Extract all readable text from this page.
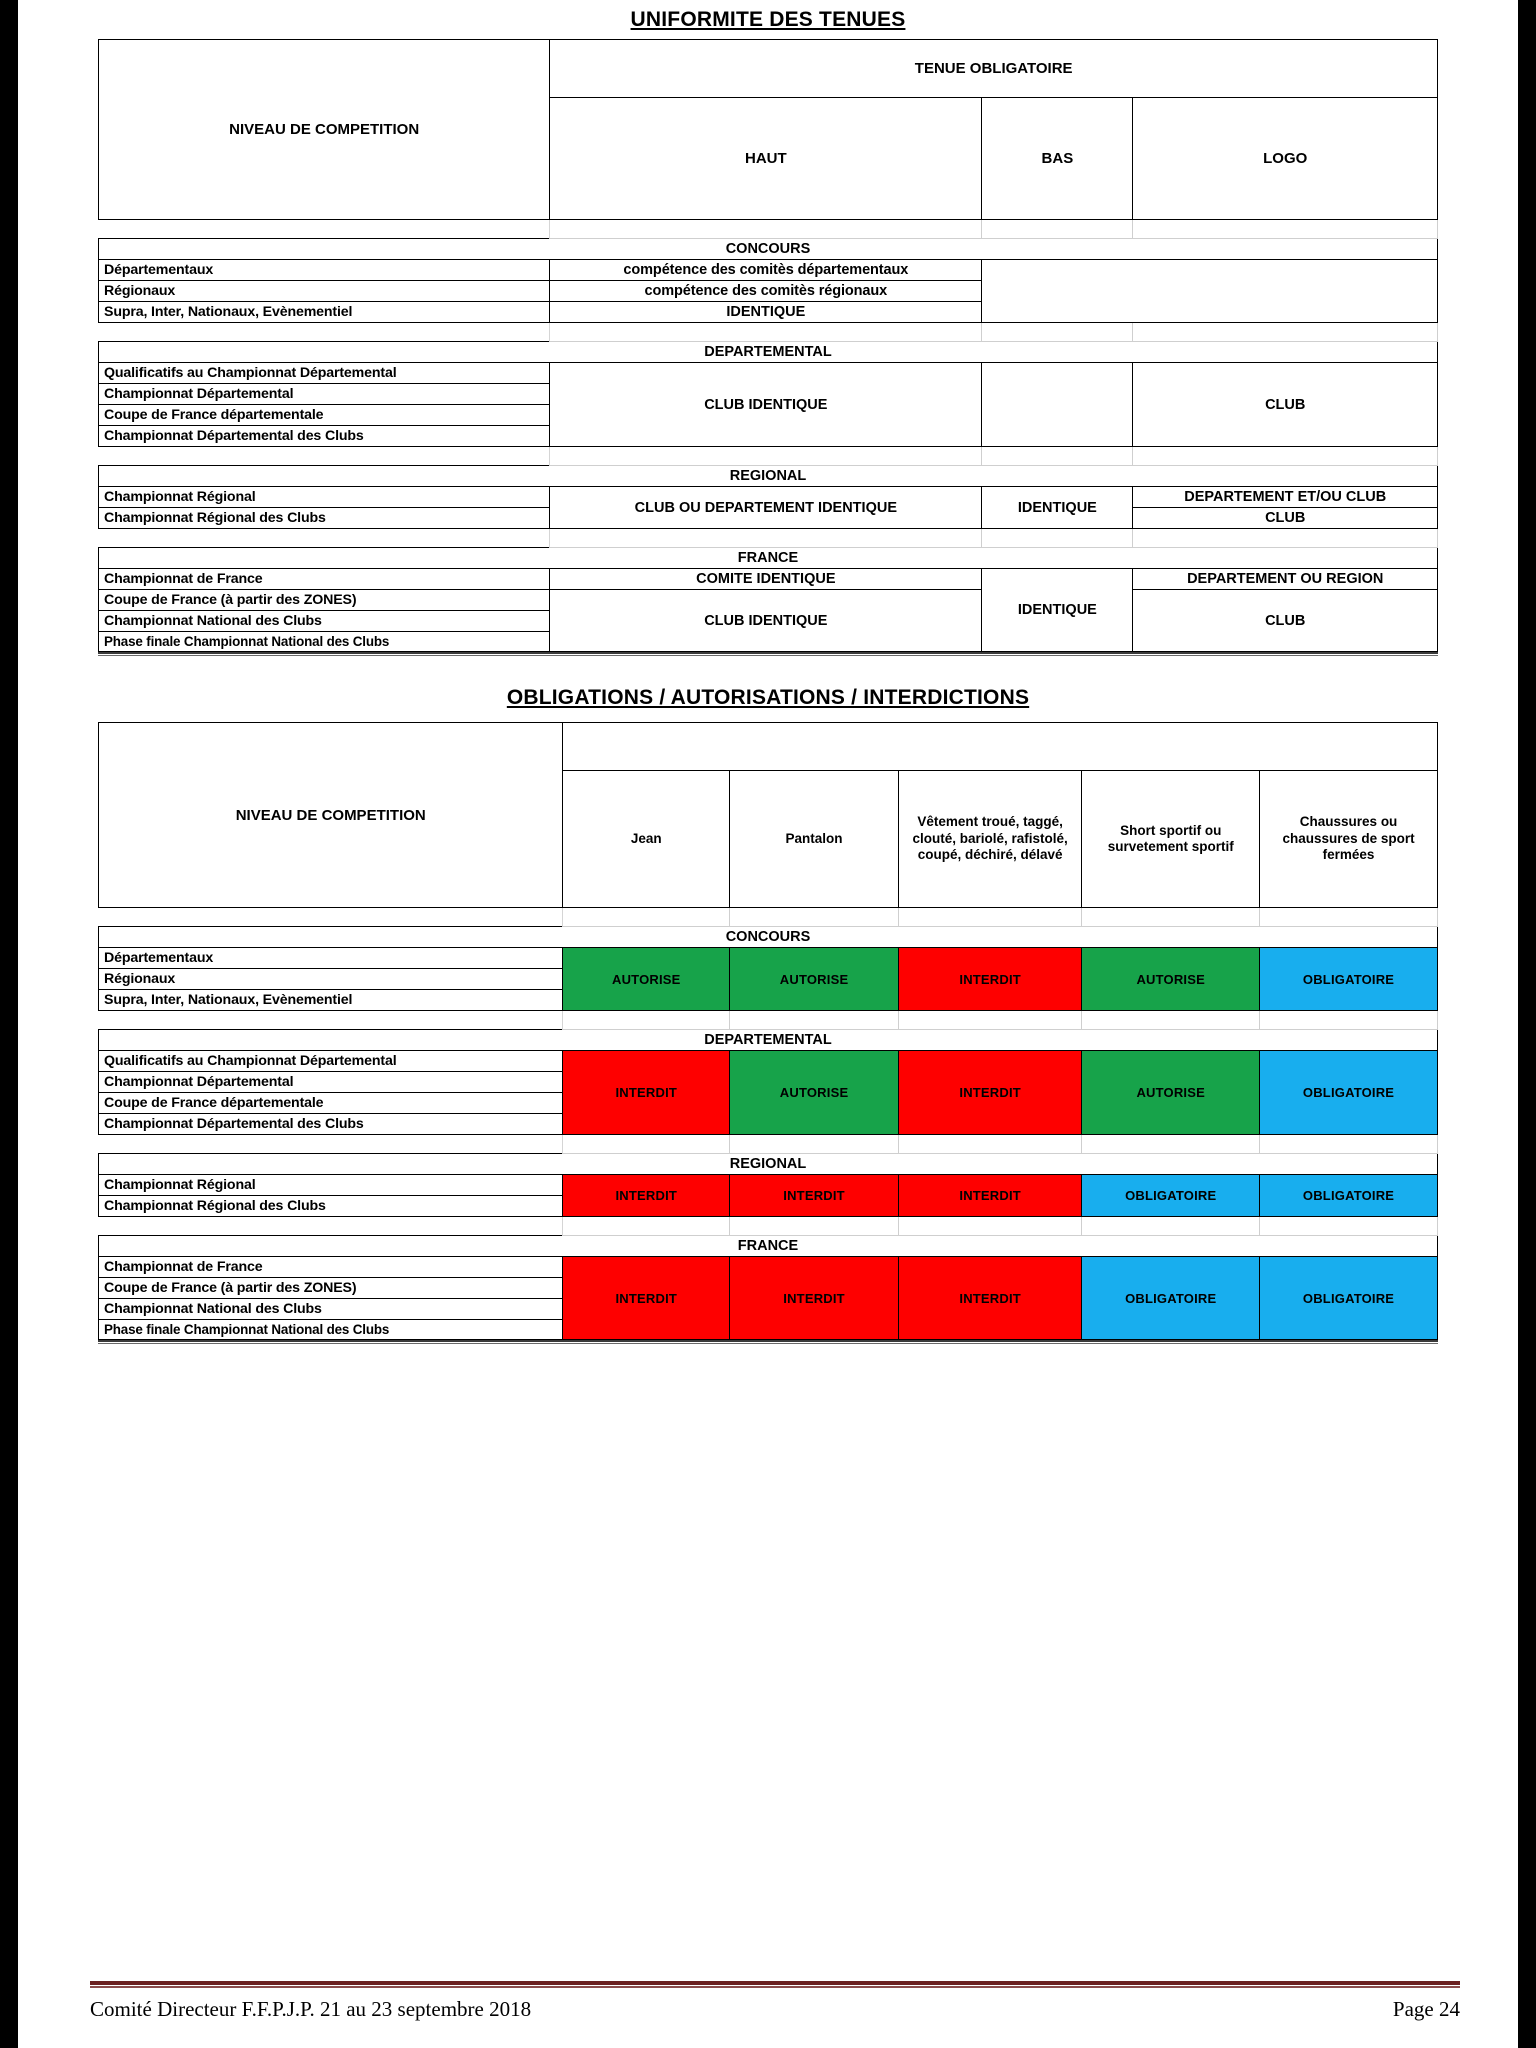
UNIFORMITE DES TENUES
NIVEAU DE COMPETITION	TENUE OBLIGATOIRE		
	HAUT	BAS	LOGO

CONCOURS			
Départementaux	compétence des comitès départementaux		
Régionaux	compétence des comitès régionaux		
Supra, Inter, Nationaux, Evènementiel	IDENTIQUE		

DEPARTEMENTAL			
Qualificatifs au Championnat Départemental	CLUB IDENTIQUE		CLUB
Championnat Départemental			
Coupe de France départementale			
Championnat Départemental des Clubs			

REGIONAL			
Championnat Régional	CLUB OU DEPARTEMENT IDENTIQUE	IDENTIQUE	DEPARTEMENT ET/OU CLUB
Championnat Régional des Clubs			CLUB

FRANCE			
Championnat de France	COMITE IDENTIQUE	IDENTIQUE	DEPARTEMENT OU REGION
Coupe de France (à partir des ZONES)	CLUB IDENTIQUE		CLUB
Championnat National des Clubs			
Phase finale Championnat National des Clubs			
OBLIGATIONS / AUTORISATIONS / INTERDICTIONS
NIVEAU DE COMPETITION					
	Jean	Pantalon	Vêtement troué, taggé, clouté, bariolé, rafistolé, coupé, déchiré, délavé	Short sportif ou survetement sportif	Chaussures ou chaussures de sport fermées

CONCOURS					
Départementaux	AUTORISE	AUTORISE	INTERDIT	AUTORISE	OBLIGATOIRE
Régionaux					
Supra, Inter, Nationaux, Evènementiel					

DEPARTEMENTAL					
Qualificatifs au Championnat Départemental	INTERDIT	AUTORISE	INTERDIT	AUTORISE	OBLIGATOIRE
Championnat Départemental					
Coupe de France départementale					
Championnat Départemental des Clubs					

REGIONAL					
Championnat Régional	INTERDIT	INTERDIT	INTERDIT	OBLIGATOIRE	OBLIGATOIRE
Championnat Régional des Clubs					

FRANCE					
Championnat de France	INTERDIT	INTERDIT	INTERDIT	OBLIGATOIRE	OBLIGATOIRE
Coupe de France (à partir des ZONES)					
Championnat National des Clubs					
Phase finale Championnat National des Clubs					
Comité Directeur F.F.P.J.P. 21 au 23 septembre 2018	Page 24
